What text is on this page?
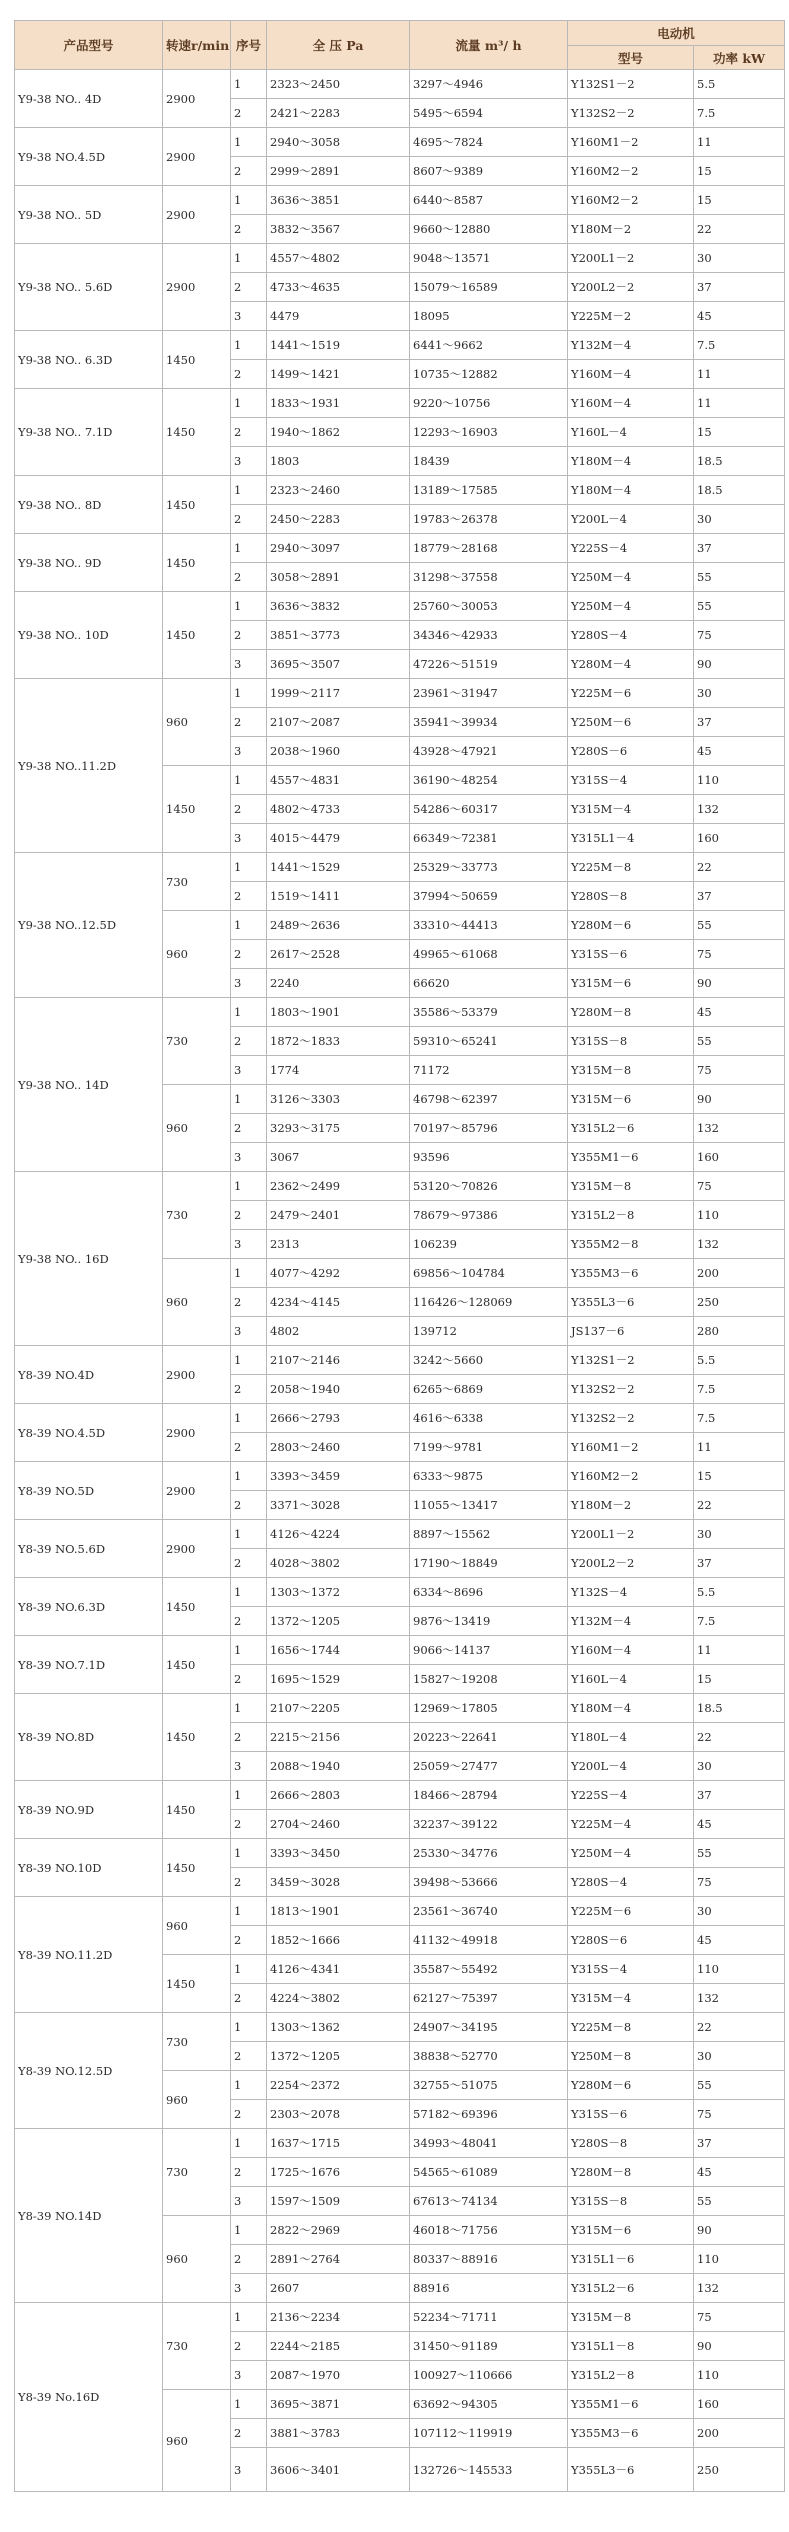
产品型号	转速r/min	序号	全 压 Pa	流量 m³/ h	电动机	
					型号	功率 kW
Y9-38 NO.. 4D	2900	1	2323～2450	3297～4946	Y132S1－2	5.5
		2	2421～2283	5495～6594	Y132S2－2	7.5
Y9-38 NO.4.5D	2900	1	2940～3058	4695～7824	Y160M1－2	11
		2	2999～2891	8607～9389	Y160M2－2	15
Y9-38 NO.. 5D	2900	1	3636～3851	6440～8587	Y160M2－2	15
		2	3832～3567	9660～12880	Y180M－2	22
Y9-38 NO.. 5.6D	2900	1	4557～4802	9048～13571	Y200L1－2	30
		2	4733～4635	15079～16589	Y200L2－2	37
		3	4479	18095	Y225M－2	45
Y9-38 NO.. 6.3D	1450	1	1441～1519	6441～9662	Y132M－4	7.5
		2	1499～1421	10735～12882	Y160M－4	11
Y9-38 NO.. 7.1D	1450	1	1833～1931	9220～10756	Y160M－4	11
		2	1940～1862	12293～16903	Y160L－4	15
		3	1803	18439	Y180M－4	18.5
Y9-38 NO.. 8D	1450	1	2323～2460	13189～17585	Y180M－4	18.5
		2	2450～2283	19783～26378	Y200L－4	30
Y9-38 NO.. 9D	1450	1	2940～3097	18779～28168	Y225S－4	37
		2	3058～2891	31298～37558	Y250M－4	55
Y9-38 NO.. 10D	1450	1	3636～3832	25760～30053	Y250M－4	55
		2	3851～3773	34346～42933	Y280S－4	75
		3	3695～3507	47226～51519	Y280M－4	90
Y9-38 NO..11.2D	960	1	1999～2117	23961～31947	Y225M－6	30
		2	2107～2087	35941～39934	Y250M－6	37
		3	2038～1960	43928～47921	Y280S－6	45
	1450	1	4557～4831	36190～48254	Y315S－4	110
		2	4802～4733	54286～60317	Y315M－4	132
		3	4015～4479	66349～72381	Y315L1－4	160
Y9-38 NO..12.5D	730	1	1441～1529	25329～33773	Y225M－8	22
		2	1519～1411	37994～50659	Y280S－8	37
	960	1	2489～2636	33310～44413	Y280M－6	55
		2	2617～2528	49965～61068	Y315S－6	75
		3	2240	66620	Y315M－6	90
Y9-38 NO.. 14D	730	1	1803～1901	35586～53379	Y280M－8	45
		2	1872～1833	59310～65241	Y315S－8	55
		3	1774	71172	Y315M－8	75
	960	1	3126～3303	46798～62397	Y315M－6	90
		2	3293～3175	70197～85796	Y315L2－6	132
		3	3067	93596	Y355M1－6	160
Y9-38 NO.. 16D	730	1	2362～2499	53120～70826	Y315M－8	75
		2	2479～2401	78679～97386	Y315L2－8	110
		3	2313	106239	Y355M2－8	132
	960	1	4077～4292	69856～104784	Y355M3－6	200
		2	4234～4145	116426～128069	Y355L3－6	250
		3	4802	139712	JS137－6	280
Y8-39 NO.4D	2900	1	2107～2146	3242～5660	Y132S1－2	5.5
		2	2058～1940	6265～6869	Y132S2－2	7.5
Y8-39 NO.4.5D	2900	1	2666～2793	4616～6338	Y132S2－2	7.5
		2	2803～2460	7199～9781	Y160M1－2	11
Y8-39 NO.5D	2900	1	3393～3459	6333～9875	Y160M2－2	15
		2	3371～3028	11055～13417	Y180M－2	22
Y8-39 NO.5.6D	2900	1	4126～4224	8897～15562	Y200L1－2	30
		2	4028～3802	17190～18849	Y200L2－2	37
Y8-39 NO.6.3D	1450	1	1303～1372	6334～8696	Y132S－4	5.5
		2	1372～1205	9876～13419	Y132M－4	7.5
Y8-39 NO.7.1D	1450	1	1656～1744	9066～14137	Y160M－4	11
		2	1695～1529	15827～19208	Y160L－4	15
Y8-39 NO.8D	1450	1	2107～2205	12969～17805	Y180M－4	18.5
		2	2215～2156	20223～22641	Y180L－4	22
		3	2088～1940	25059～27477	Y200L－4	30
Y8-39 NO.9D	1450	1	2666～2803	18466～28794	Y225S－4	37
		2	2704～2460	32237～39122	Y225M－4	45
Y8-39 NO.10D	1450	1	3393～3450	25330～34776	Y250M－4	55
		2	3459～3028	39498～53666	Y280S－4	75
Y8-39 NO.11.2D	960	1	1813～1901	23561～36740	Y225M－6	30
		2	1852～1666	41132～49918	Y280S－6	45
	1450	1	4126～4341	35587～55492	Y315S－4	110
		2	4224～3802	62127～75397	Y315M－4	132
Y8-39 NO.12.5D	730	1	1303～1362	24907～34195	Y225M－8	22
		2	1372～1205	38838～52770	Y250M－8	30
	960	1	2254～2372	32755～51075	Y280M－6	55
		2	2303～2078	57182～69396	Y315S－6	75
Y8-39 NO.14D	730	1	1637～1715	34993～48041	Y280S－8	37
		2	1725～1676	54565～61089	Y280M－8	45
		3	1597～1509	67613～74134	Y315S－8	55
	960	1	2822～2969	46018～71756	Y315M－6	90
		2	2891～2764	80337～88916	Y315L1－6	110
		3	2607	88916	Y315L2－6	132
Y8-39 No.16D	730	1	2136～2234	52234～71711	Y315M－8	75
		2	2244～2185	31450～91189	Y315L1－8	90
		3	2087～1970	100927～110666	Y315L2－8	110
	960	1	3695～3871	63692～94305	Y355M1－6	160
		2	3881～3783	107112～119919	Y355M3－6	200
		3	3606～3401	132726～145533	Y355L3－6	250
